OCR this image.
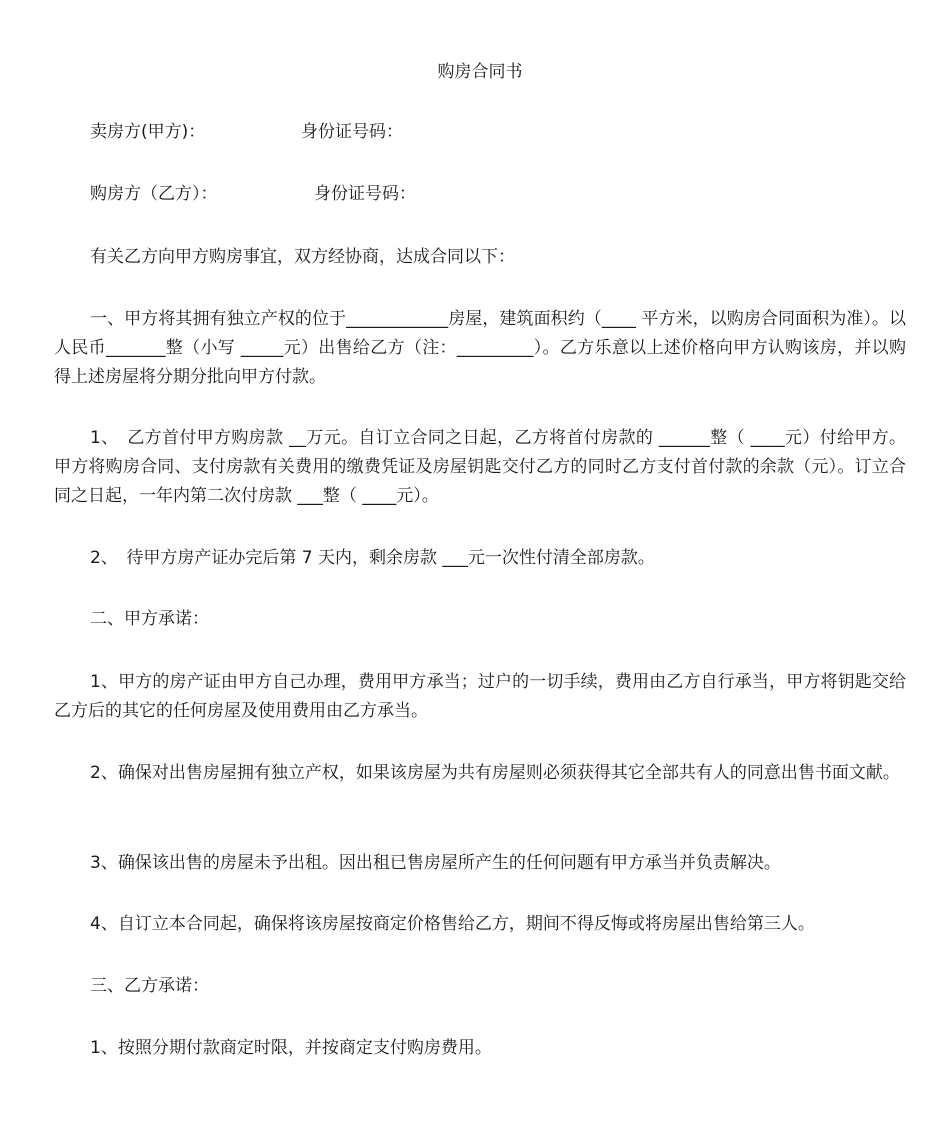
购房合同书
卖房方(甲方)：	身份证号码：
购房方（乙方）：	身份证号码：
有关乙方向甲方购房事宜，双方经协商，达成合同以下：
一、甲方将其拥有独立产权的位于____________房屋，建筑面积约（____ 平方米，以购房合同面积为准）。以人民币_______整（小写 _____元）出售给乙方（注：_________）。乙方乐意以上述价格向甲方认购该房，并以购得上述房屋将分期分批向甲方付款。
1、　乙方首付甲方购房款 __万元。自订立合同之日起，乙方将首付房款的 ______整（ ____元）付给甲方。甲方将购房合同、支付房款有关费用的缴费凭证及房屋钥匙交付乙方的同时乙方支付首付款的余款（元）。订立合同之日起，一年内第二次付房款 ___整（ ____元）。
2、　待甲方房产证办完后第 7 天内，剩余房款 ___元一次性付清全部房款。
二、甲方承诺：
1、甲方的房产证由甲方自己办理，费用甲方承当；过户的一切手续，费用由乙方自行承当，甲方将钥匙交给乙方后的其它的任何房屋及使用费用由乙方承当。
2、确保对出售房屋拥有独立产权，如果该房屋为共有房屋则必须获得其它全部共有人的同意出售书面文献。
3、确保该出售的房屋未予出租。因出租已售房屋所产生的任何问题有甲方承当并负责解决。
4、自订立本合同起，确保将该房屋按商定价格售给乙方，期间不得反悔或将房屋出售给第三人。
三、乙方承诺：
1、按照分期付款商定时限，并按商定支付购房费用。
